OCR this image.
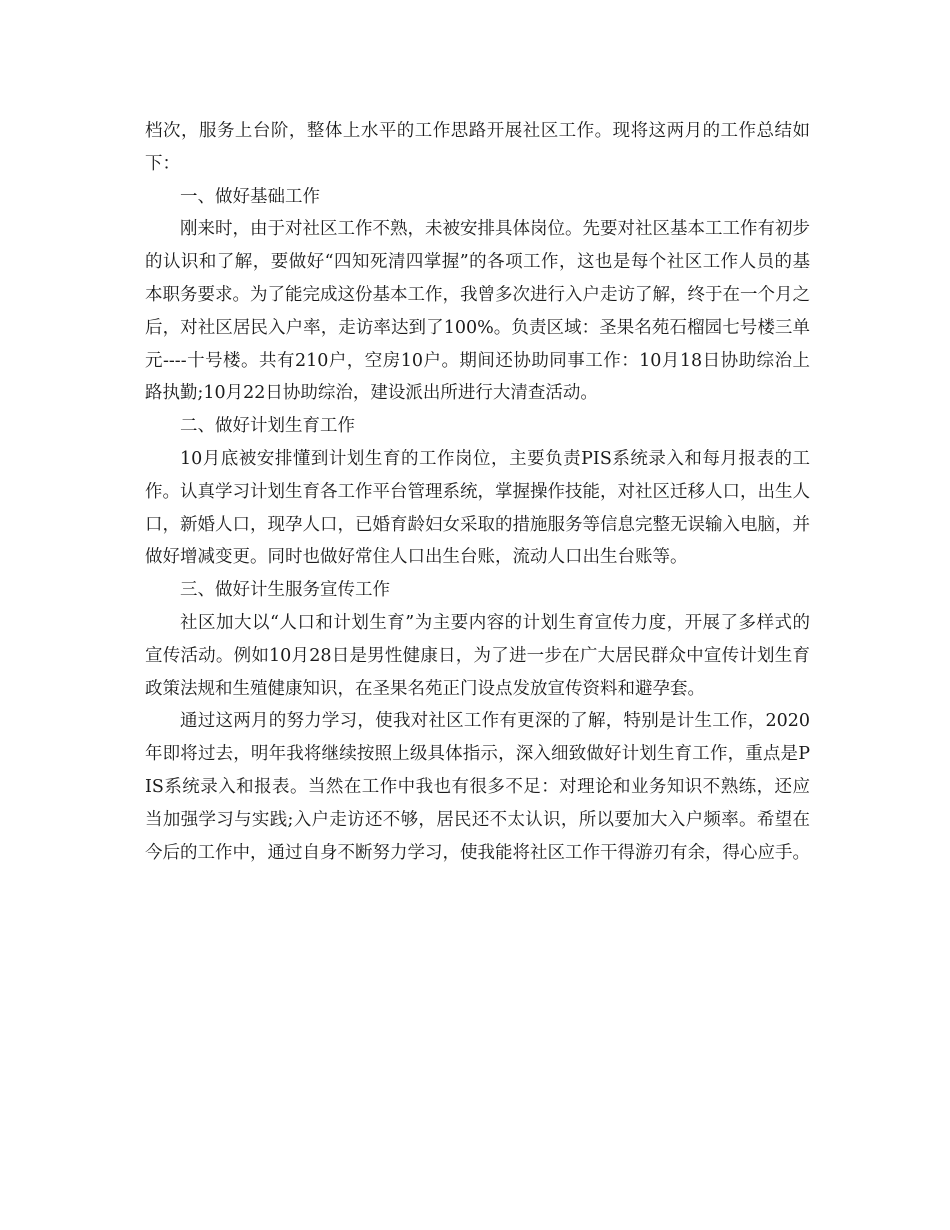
档次，服务上台阶，整体上水平的工作思路开展社区工作。现将这两月的工作总结如下：

一、做好基础工作

刚来时，由于对社区工作不熟，未被安排具体岗位。先要对社区基本工工作有初步的认识和了解，要做好“四知死清四掌握”的各项工作，这也是每个社区工作人员的基本职务要求。为了能完成这份基本工作，我曾多次进行入户走访了解，终于在一个月之后，对社区居民入户率，走访率达到了100%。负责区域：圣果名苑石榴园七号楼三单元----十号楼。共有210户，空房10户。期间还协助同事工作：10月18日协助综治上路执勤;10月22日协助综治，建设派出所进行大清查活动。

二、做好计划生育工作

10月底被安排懂到计划生育的工作岗位，主要负责PIS系统录入和每月报表的工作。认真学习计划生育各工作平台管理系统，掌握操作技能，对社区迁移人口，出生人口，新婚人口，现孕人口，已婚育龄妇女采取的措施服务等信息完整无误输入电脑，并做好增减变更。同时也做好常住人口出生台账，流动人口出生台账等。

三、做好计生服务宣传工作

社区加大以“人口和计划生育”为主要内容的计划生育宣传力度，开展了多样式的宣传活动。例如10月28日是男性健康日，为了进一步在广大居民群众中宣传计划生育政策法规和生殖健康知识，在圣果名苑正门设点发放宣传资料和避孕套。

通过这两月的努力学习，使我对社区工作有更深的了解，特别是计生工作，2020年即将过去，明年我将继续按照上级具体指示，深入细致做好计划生育工作，重点是PIS系统录入和报表。当然在工作中我也有很多不足：对理论和业务知识不熟练，还应当加强学习与实践;入户走访还不够，居民还不太认识，所以要加大入户频率。希望在今后的工作中，通过自身不断努力学习，使我能将社区工作干得游刃有余，得心应手。
